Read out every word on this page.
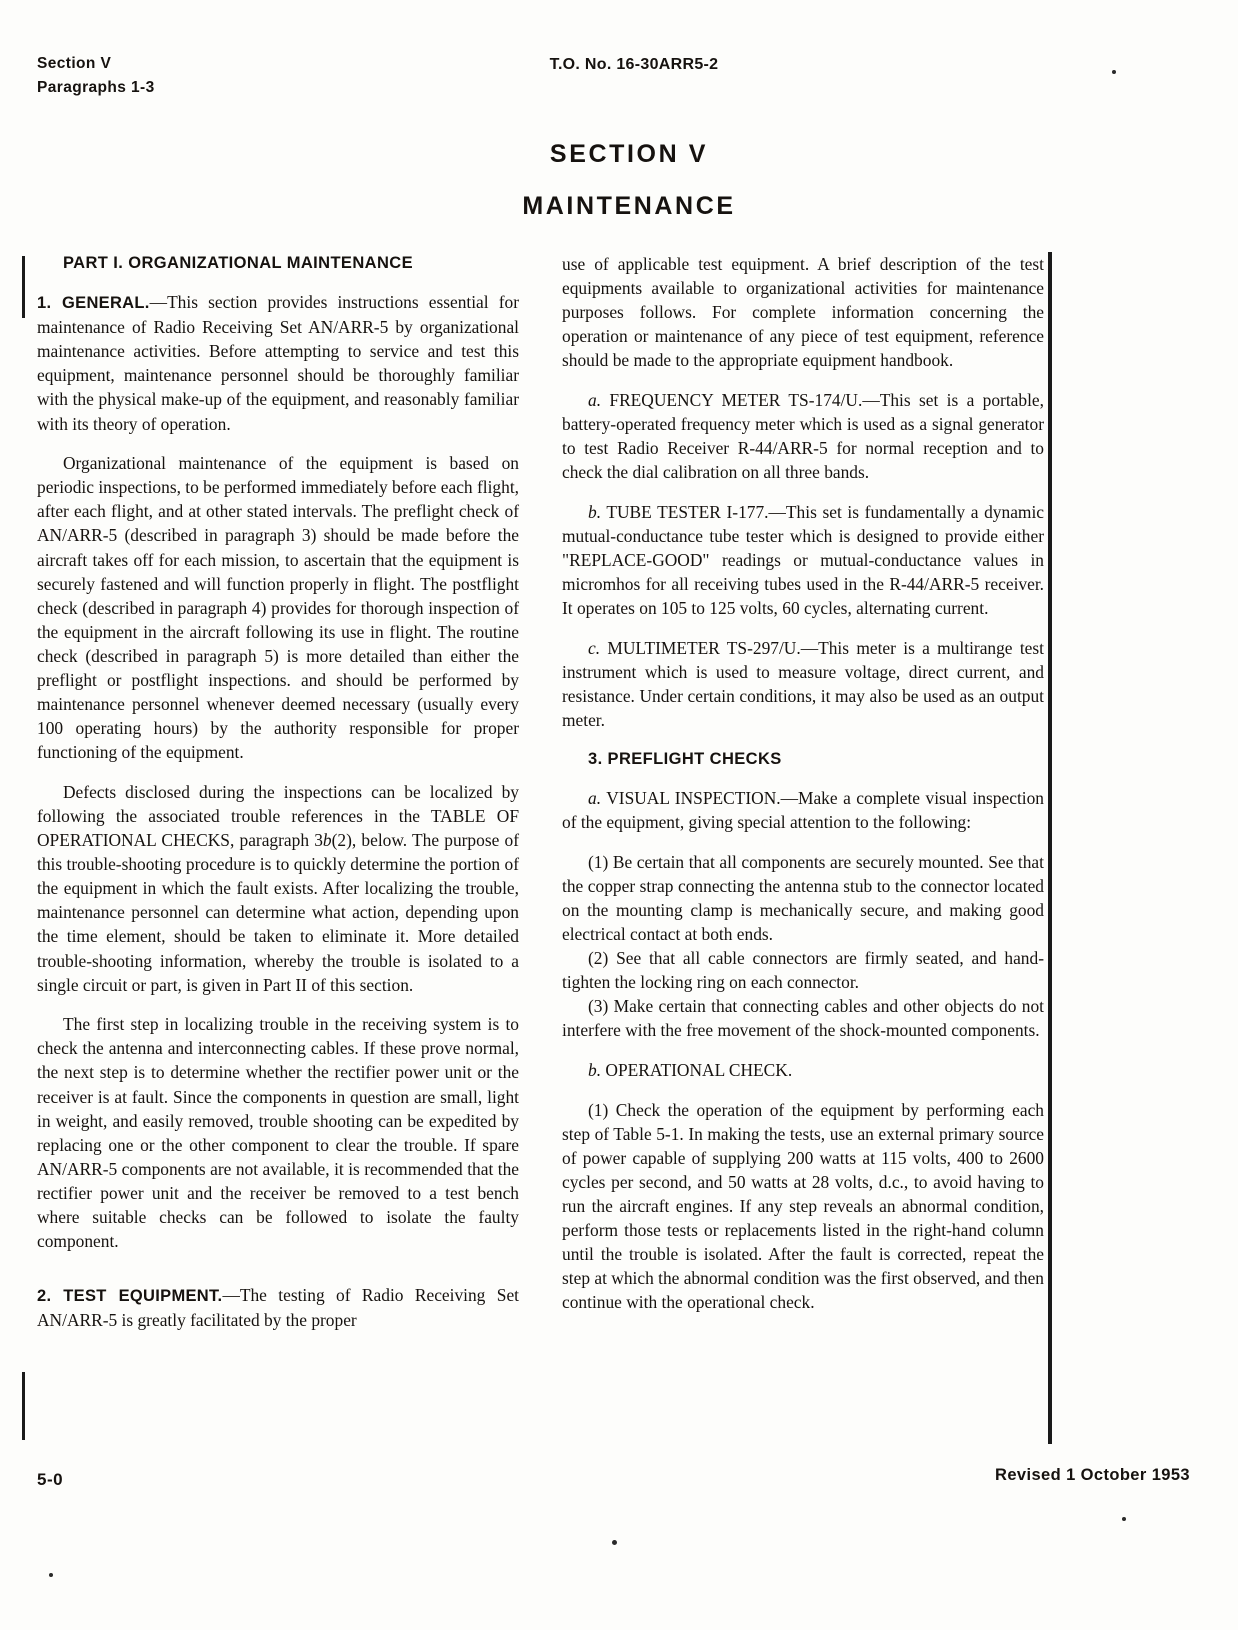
Section V
Paragraphs 1-3
T.O. No. 16-30ARR5-2
SECTION V
MAINTENANCE

PART I. ORGANIZATIONAL MAINTENANCE

1. GENERAL.—This section provides instructions essential for maintenance of Radio Receiving Set AN/ARR-5 by organizational maintenance activities. Before attempting to service and test this equipment, maintenance personnel should be thoroughly familiar with the physical make-up of the equipment, and reasonably familiar with its theory of operation.

Organizational maintenance of the equipment is based on periodic inspections, to be performed immediately before each flight, after each flight, and at other stated intervals. The preflight check of AN/ARR-5 (described in paragraph 3) should be made before the aircraft takes off for each mission, to ascertain that the equipment is securely fastened and will function properly in flight. The postflight check (described in paragraph 4) provides for thorough inspection of the equipment in the aircraft following its use in flight. The routine check (described in paragraph 5) is more detailed than either the preflight or postflight inspections. and should be performed by maintenance personnel whenever deemed necessary (usually every 100 operating hours) by the authority responsible for proper functioning of the equipment.

Defects disclosed during the inspections can be localized by following the associated trouble references in the TABLE OF OPERATIONAL CHECKS, paragraph 3b(2), below. The purpose of this trouble-shooting procedure is to quickly determine the portion of the equipment in which the fault exists. After localizing the trouble, maintenance personnel can determine what action, depending upon the time element, should be taken to eliminate it. More detailed trouble-shooting information, whereby the trouble is isolated to a single circuit or part, is given in Part II of this section.

The first step in localizing trouble in the receiving system is to check the antenna and interconnecting cables. If these prove normal, the next step is to determine whether the rectifier power unit or the receiver is at fault. Since the components in question are small, light in weight, and easily removed, trouble shooting can be expedited by replacing one or the other component to clear the trouble. If spare AN/ARR-5 components are not available, it is recommended that the rectifier power unit and the receiver be removed to a test bench where suitable checks can be followed to isolate the faulty component.

2. TEST EQUIPMENT.—The testing of Radio Receiving Set AN/ARR-5 is greatly facilitated by the proper

use of applicable test equipment. A brief description of the test equipments available to organizational activities for maintenance purposes follows. For complete information concerning the operation or maintenance of any piece of test equipment, reference should be made to the appropriate equipment handbook.

a. FREQUENCY METER TS-174/U.—This set is a portable, battery-operated frequency meter which is used as a signal generator to test Radio Receiver R-44/ARR-5 for normal reception and to check the dial calibration on all three bands.

b. TUBE TESTER I-177.—This set is fundamentally a dynamic mutual-conductance tube tester which is designed to provide either "REPLACE-GOOD" readings or mutual-conductance values in micromhos for all receiving tubes used in the R-44/ARR-5 receiver. It operates on 105 to 125 volts, 60 cycles, alternating current.

c. MULTIMETER TS-297/U.—This meter is a multirange test instrument which is used to measure voltage, direct current, and resistance. Under certain conditions, it may also be used as an output meter.

3. PREFLIGHT CHECKS

a. VISUAL INSPECTION.—Make a complete visual inspection of the equipment, giving special attention to the following:

(1) Be certain that all components are securely mounted. See that the copper strap connecting the antenna stub to the connector located on the mounting clamp is mechanically secure, and making good electrical contact at both ends.

(2) See that all cable connectors are firmly seated, and hand-tighten the locking ring on each connector.

(3) Make certain that connecting cables and other objects do not interfere with the free movement of the shock-mounted components.

b. OPERATIONAL CHECK.

(1) Check the operation of the equipment by performing each step of Table 5-1. In making the tests, use an external primary source of power capable of supplying 200 watts at 115 volts, 400 to 2600 cycles per second, and 50 watts at 28 volts, d.c., to avoid having to run the aircraft engines. If any step reveals an abnormal condition, perform those tests or replacements listed in the right-hand column until the trouble is isolated. After the fault is corrected, repeat the step at which the abnormal condition was the first observed, and then continue with the operational check.

5-0	Revised 1 October 1953
